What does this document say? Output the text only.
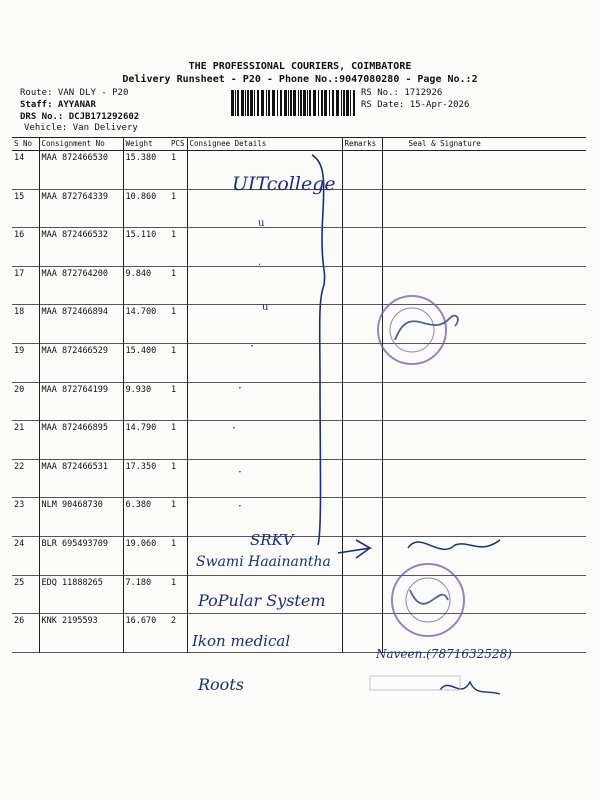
THE PROFESSIONAL COURIERS, COIMBATORE
Delivery Runsheet - P20 - Phone No.:9047080280 - Page No.:2
Route: VAN DLY - P20
Staff: AYYANAR
DRS No.: DCJB171292602
Vehicle: Van Delivery
RS No.: 1712926
RS Date: 15-Apr-2026
S No	Consignment No	Weight	PCS	Consignee Details	Remarks	Seal & Signature
14	MAA 872466530	15.380	1			
15	MAA 872764339	10.860	1			
16	MAA 872466532	15.110	1			
17	MAA 872764200	9.840	1			
18	MAA 872466894	14.700	1			
19	MAA 872466529	15.400	1			
20	MAA 872764199	9.930	1			
21	MAA 872466895	14.790	1			
22	MAA 872466531	17.350	1			
23	NLM 90468730	6.380	1			
24	BLR 695493709	19.060	1			
25	EDQ 11888265	7.180	1			
26	KNK 2195593	16.670	2			
UITcollege
u
·
u
·
·
·
·
·
SRKV
Swami Haainantha
PoPular System
Ikon medical
Roots
Naveen.(7871632528)
